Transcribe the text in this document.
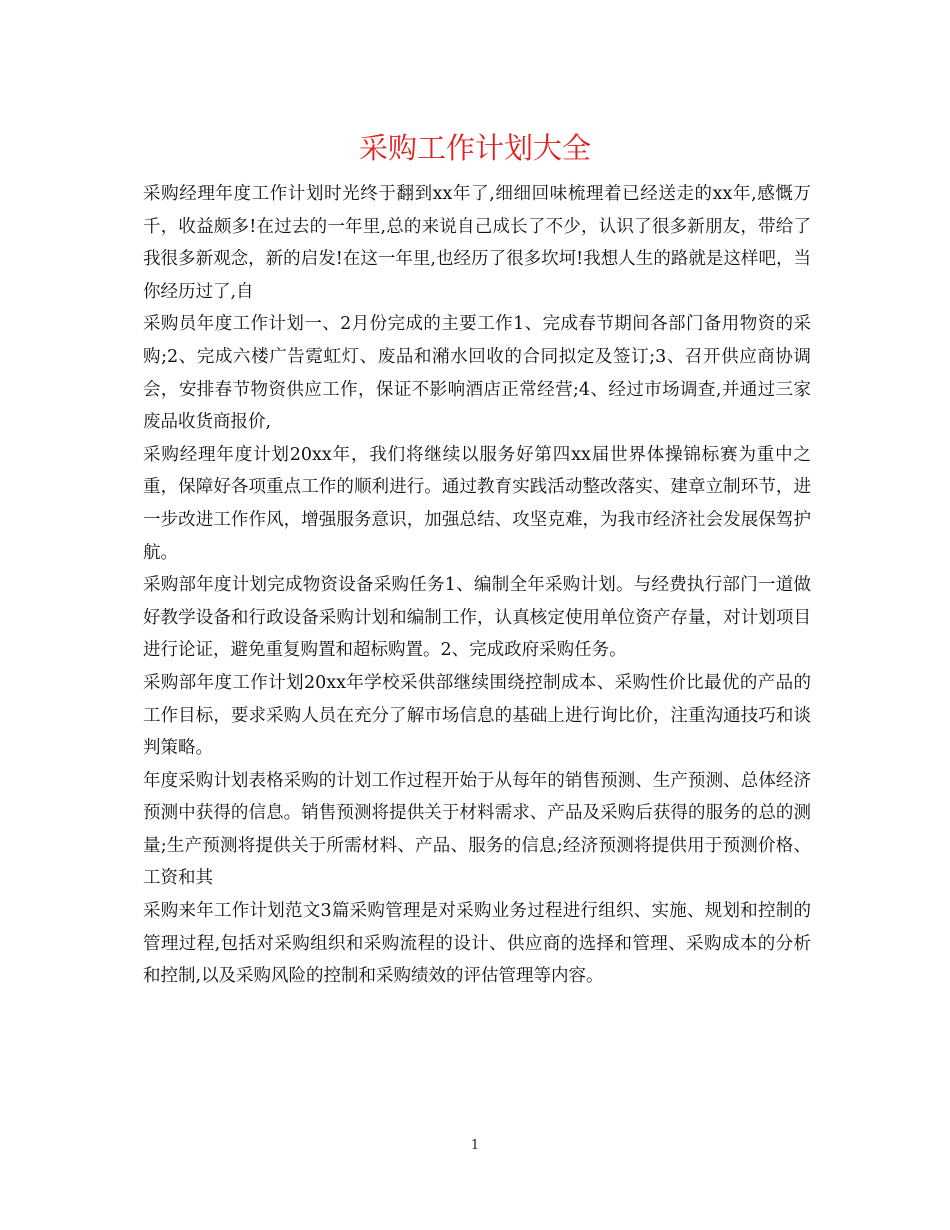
采购工作计划大全

采购经理年度工作计划时光终于翻到xx年了,细细回味梳理着已经送走的xx年,感慨万千，收益颇多!在过去的一年里,总的来说自己成长了不少，认识了很多新朋友，带给了我很多新观念，新的启发!在这一年里,也经历了很多坎坷!我想人生的路就是这样吧，当你经历过了,自

采购员年度工作计划一、2月份完成的主要工作1、完成春节期间各部门备用物资的采购;2、完成六楼广告霓虹灯、废品和潲水回收的合同拟定及签订;3、召开供应商协调会，安排春节物资供应工作，保证不影响酒店正常经营;4、经过市场调查,并通过三家废品收货商报价,

采购经理年度计划20xx年，我们将继续以服务好第四xx届世界体操锦标赛为重中之重，保障好各项重点工作的顺利进行。通过教育实践活动整改落实、建章立制环节，进一步改进工作作风，增强服务意识，加强总结、攻坚克难，为我市经济社会发展保驾护航。

采购部年度计划完成物资设备采购任务1、编制全年采购计划。与经费执行部门一道做好教学设备和行政设备采购计划和编制工作，认真核定使用单位资产存量，对计划项目进行论证，避免重复购置和超标购置。2、完成政府采购任务。

采购部年度工作计划20xx年学校采供部继续围绕控制成本、采购性价比最优的产品的工作目标，要求采购人员在充分了解市场信息的基础上进行询比价，注重沟通技巧和谈判策略。

年度采购计划表格采购的计划工作过程开始于从每年的销售预测、生产预测、总体经济预测中获得的信息。销售预测将提供关于材料需求、产品及采购后获得的服务的总的测量;生产预测将提供关于所需材料、产品、服务的信息;经济预测将提供用于预测价格、工资和其

采购来年工作计划范文3篇采购管理是对采购业务过程进行组织、实施、规划和控制的管理过程,包括对采购组织和采购流程的设计、供应商的选择和管理、采购成本的分析和控制,以及采购风险的控制和采购绩效的评估管理等内容。

1
